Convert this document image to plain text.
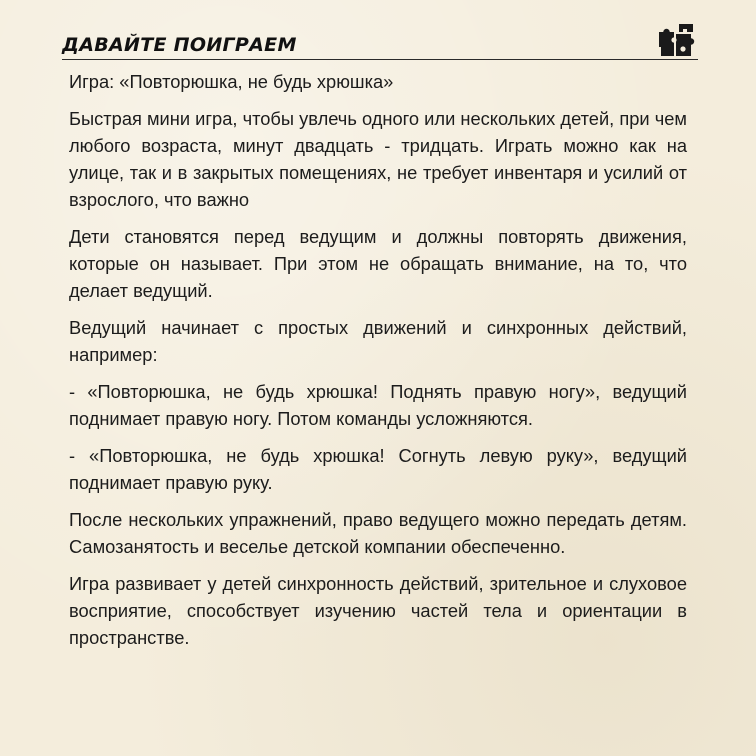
ДАВАЙТЕ ПОИГРАЕМ

Игра: «Повторюшка, не будь хрюшка»

Быстрая мини игра, чтобы увлечь одного или нескольких детей, при чем любого возраста, минут двадцать - тридцать. Играть можно как на улице, так и в закрытых помещениях, не требует инвентаря и усилий от взрослого, что важно

Дети становятся перед ведущим и должны повторять движения, которые он называет. При этом не обращать внимание, на то, что делает ведущий.

Ведущий начинает с простых движений и синхронных действий, например:

- «Повторюшка, не будь хрюшка! Поднять правую ногу», ведущий поднимает правую ногу. Потом команды усложняются.

- «Повторюшка, не будь хрюшка! Согнуть левую руку», ведущий поднимает правую руку.

После нескольких упражнений, право ведущего можно передать детям. Самозанятость и веселье детской компании обеспеченно.

Игра развивает у детей синхронность действий, зрительное и слуховое восприятие, способствует изучению частей тела и ориентации в пространстве.
